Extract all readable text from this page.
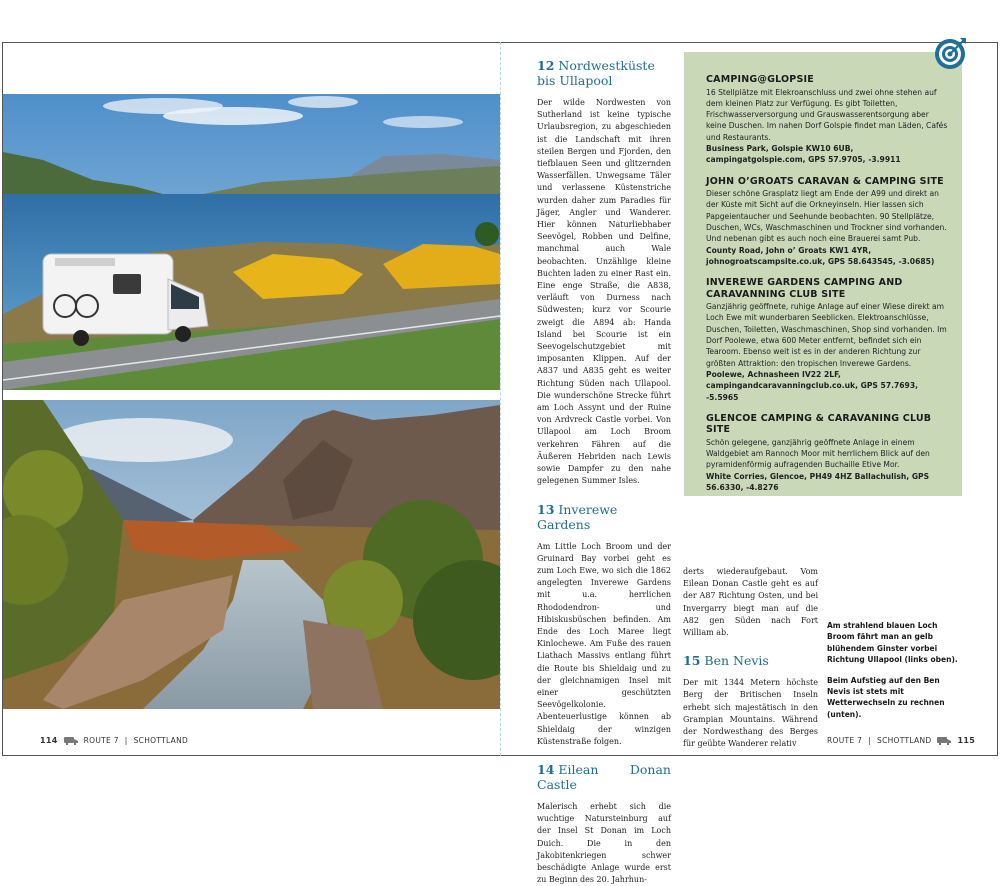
12 Nordwestküste bis Ullapool

Der wilde Nordwesten von Sutherland ist keine typische Urlaubsregion, zu abgeschieden ist die Landschaft mit ihren steilen Bergen und Fjorden, den tiefblauen Seen und glitzernden Wasserfällen. Unwegsame Täler und verlassene Küstenstriche wurden daher zum Paradies für Jäger, Angler und Wanderer. Hier können Naturliebhaber Seevögel, Robben und Delfine, manchmal auch Wale beobachten. Unzählige kleine Buchten laden zu einer Rast ein. Eine enge Straße, die A838, verläuft von Durness nach Südwesten; kurz vor Scourie zweigt die A894 ab: Handa Island bei Scourie ist ein Seevogelschutzgebiet mit imposanten Klippen. Auf der A837 und A835 geht es weiter Richtung Süden nach Ullapool. Die wunderschöne Strecke führt am Loch Assynt und der Ruine von Ardvreck Castle vorbei. Von Ullapool am Loch Broom verkehren Fähren auf die Äußeren Hebriden nach Lewis sowie Dampfer zu den nahe gelegenen Summer Isles.

13 Inverewe Gardens

Am Little Loch Broom und der Gruinard Bay vorbei geht es zum Loch Ewe, wo sich die 1862 angelegten Inverewe Gardens mit u.a. herrlichen Rhododendron- und Hibiskusbüschen befinden. Am Ende des Loch Maree liegt Kinlochewe. Am Fuße des rauen Liathach Massivs entlang führt die Route bis Shieldaig und zu der gleichnamigen Insel mit einer geschützten Seevögelkolonie. Abenteuerlustige können ab Shieldaig der winzigen Küstenstraße folgen.

14 Eilean Donan Castle

Malerisch erhebt sich die wuchtige Natursteinburg auf der Insel St Donan im Loch Duich. Die in den Jakobitenkriegen schwer beschädigte Anlage wurde erst zu Beginn des 20. Jahrhun-

CAMPING@GLOPSIE
16 Stellplätze mit Elekroanschluss und zwei ohne stehen auf dem kleinen Platz zur Verfügung. Es gibt Toiletten, Frischwasserversorgung und Grauswasserentsorgung aber keine Duschen. Im nahen Dorf Golspie findet man Läden, Cafés und Restaurants.
Business Park, Golspie KW10 6UB, campingatgolspie.com, GPS 57.9705, -3.9911
JOHN O’GROATS CARAVAN & CAMPING SITE
Dieser schöne Grasplatz liegt am Ende der A99 und direkt an der Küste mit Sicht auf die Orkneyinseln. Hier lassen sich Papgeientaucher und Seehunde beobachten. 90 Stellplätze, Duschen, WCs, Waschmaschinen und Trockner sind vorhanden. Und nebenan gibt es auch noch eine Brauerei samt Pub.
County Road, John o’ Groats KW1 4YR, johnogroatscampsite.co.uk, GPS 58.643545, -3.0685)
INVEREWE GARDENS CAMPING AND CARAVANNING CLUB SITE
Ganzjährig geöffnete, ruhige Anlage auf einer Wiese direkt am Loch Ewe mit wunderbaren Seeblicken. Elektroanschlüsse, Duschen, Toiletten, Waschmaschinen, Shop sind vorhanden. Im Dorf Poolewe, etwa 600 Meter entfernt, befindet sich ein Tearoom. Ebenso weit ist es in der anderen Richtung zur größten Attraktion: den tropischen Inverewe Gardens.
Poolewe, Achnasheen IV22 2LF, campingandcaravanningclub.co.uk, GPS 57.7693, -5.5965
GLENCOE CAMPING & CARAVANING CLUB SITE
Schön gelegene, ganzjährig geöffnete Anlage in einem Waldgebiet am Rannoch Moor mit herrlichem Blick auf den pyramidenförmig aufragenden Buchaille Etive Mor.
White Corries, Glencoe, PH49 4HZ Ballachulish, GPS 56.6330, -4.8276

derts wiederaufgebaut. Vom Eilean Donan Castle geht es auf der A87 Richtung Osten, und bei Invergarry biegt man auf die A82 gen Süden nach Fort William ab.

15 Ben Nevis

Der mit 1344 Metern höchste Berg der Britischen Inseln erhebt sich majestätisch in den Grampian Mountains. Während der Nordwesthang des Berges für geübte Wanderer relativ

Am strahlend blauen Loch Broom fährt man an gelb blühendem Ginster vorbei Richtung Ullapool (links oben).

Beim Aufstieg auf den Ben Nevis ist stets mit Wetterwechseln zu rechnen (unten).

114	ROUTE 7 | SCHOTTLAND	ROUTE 7 | SCHOTTLAND	115
